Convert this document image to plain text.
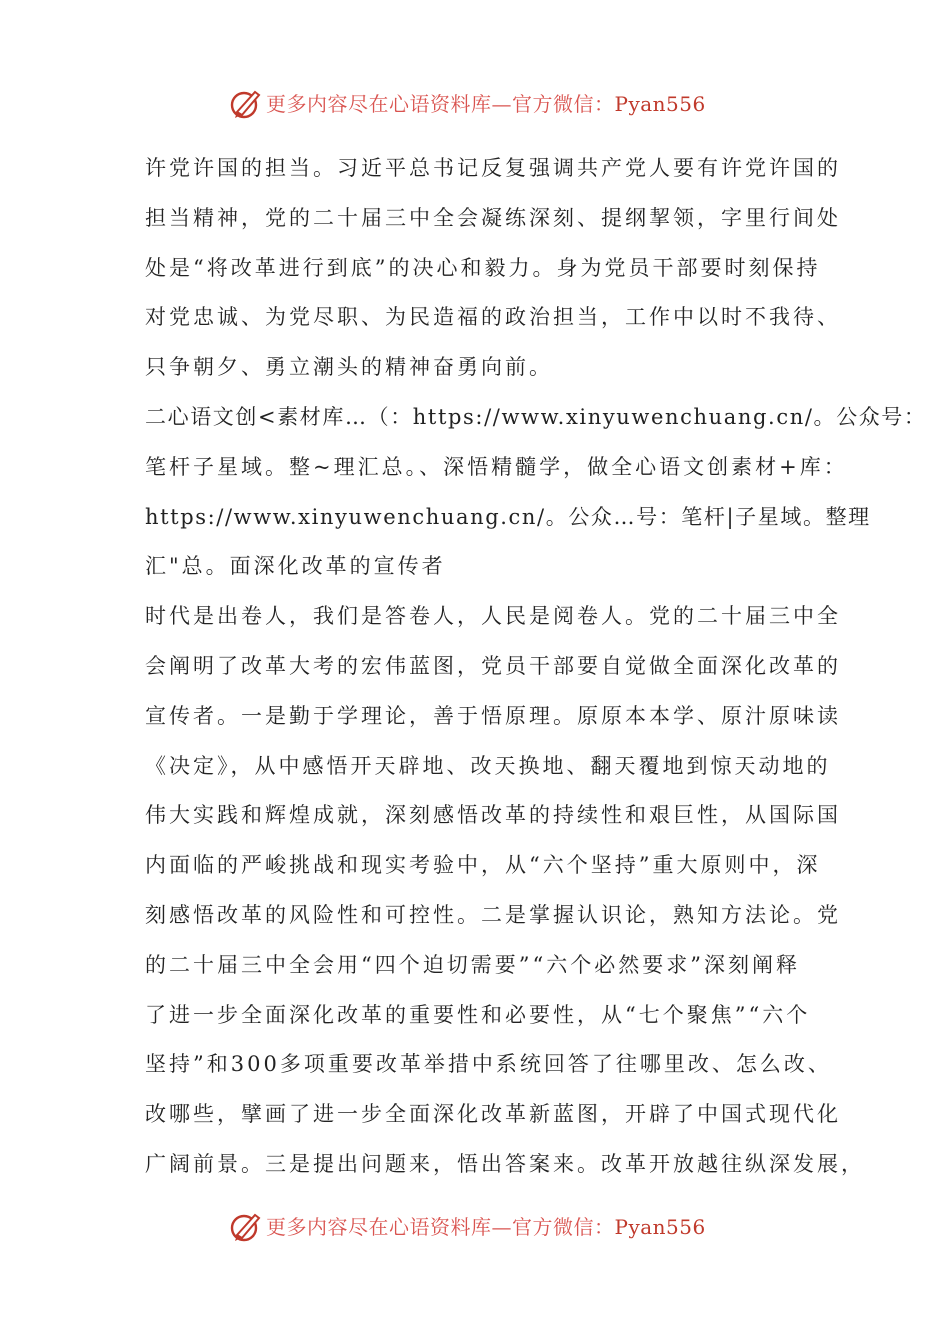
更多内容尽在心语资料库—官方微信：Pyan556
许党许国的担当。习近平总书记反复强调共产党人要有许党许国的
担当精神，党的二十届三中全会凝练深刻、提纲挈领，字里行间处
处是“将改革进行到底”的决心和毅力。身为党员干部要时刻保持
对党忠诚、为党尽职、为民造福的政治担当，工作中以时不我待、
只争朝夕、勇立潮头的精神奋勇向前。
二心语文创<素材库…（：https://www.xinyuwenchuang.cn/。公众号：
笔杆子星域。整~理汇总。、深悟精髓学，做全心语文创素材+库：
https://www.xinyuwenchuang.cn/。公众…号：笔杆|子星域。整理
汇"总。面深化改革的宣传者
时代是出卷人，我们是答卷人，人民是阅卷人。党的二十届三中全
会阐明了改革大考的宏伟蓝图，党员干部要自觉做全面深化改革的
宣传者。一是勤于学理论，善于悟原理。原原本本学、原汁原味读
《决定》，从中感悟开天辟地、改天换地、翻天覆地到惊天动地的
伟大实践和辉煌成就，深刻感悟改革的持续性和艰巨性，从国际国
内面临的严峻挑战和现实考验中，从“六个坚持”重大原则中，深
刻感悟改革的风险性和可控性。二是掌握认识论，熟知方法论。党
的二十届三中全会用“四个迫切需要”“六个必然要求”深刻阐释
了进一步全面深化改革的重要性和必要性，从“七个聚焦”“六个
坚持”和300多项重要改革举措中系统回答了往哪里改、怎么改、
改哪些，擘画了进一步全面深化改革新蓝图，开辟了中国式现代化
广阔前景。三是提出问题来，悟出答案来。改革开放越往纵深发展，
更多内容尽在心语资料库—官方微信：Pyan556
